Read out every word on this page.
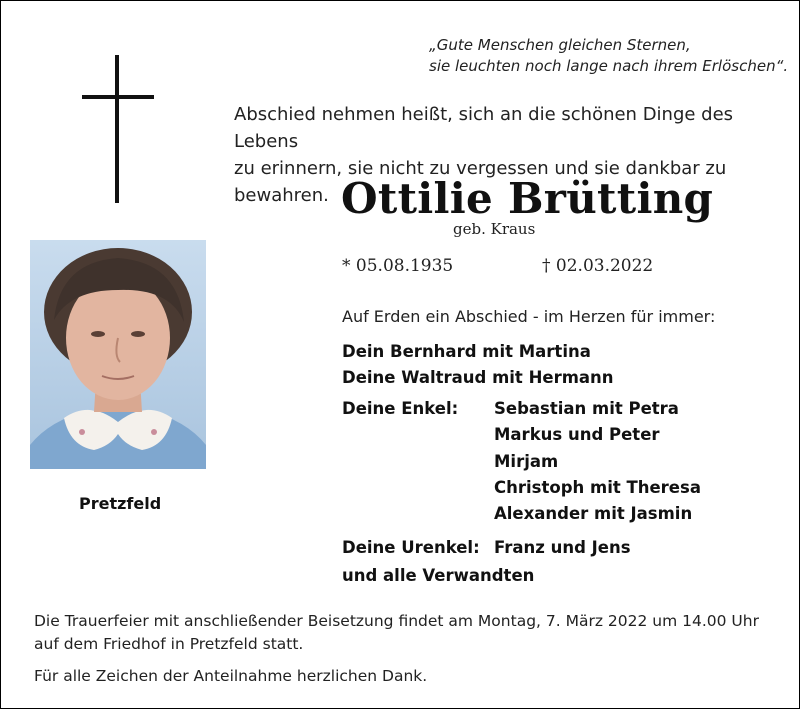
„Gute Menschen gleichen Sternen,
sie leuchten noch lange nach ihrem Erlöschen“.
Abschied nehmen heißt, sich an die schönen Dinge des Lebens
zu erinnern, sie nicht zu vergessen und sie dankbar zu bewahren. Ottilie Brütting
geb. Kraus
* 05.08.1935	† 02.03.2022
Pretzfeld
Auf Erden ein Abschied - im Herzen für immer:
Dein Bernhard mit Martina
Deine Waltraud mit Hermann
Deine Enkel: Sebastian mit Petra
Markus und Peter
Mirjam
Christoph mit Theresa
Alexander mit Jasmin
Deine Urenkel: Franz und Jens
und alle Verwandten
Die Trauerfeier mit anschließender Beisetzung findet am Montag, 7. März 2022 um 14.00 Uhr
auf dem Friedhof in Pretzfeld statt.
Für alle Zeichen der Anteilnahme herzlichen Dank.
